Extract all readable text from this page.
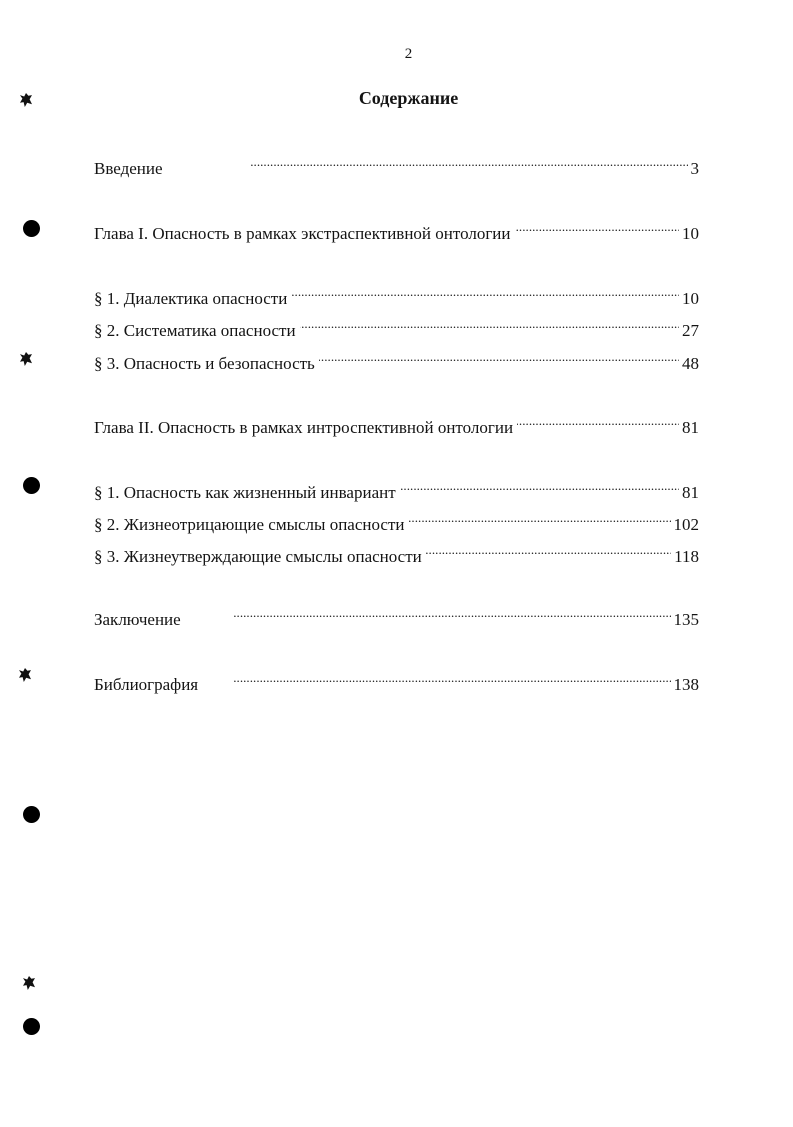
2
Содержание
Введение . . .	3
Глава I. Опасность в рамках экстраспективной онтологии . . .	10
§ 1. Диалектика опасности . . .	10
§ 2. Систематика опасности . . .	27
§ 3. Опасность и безопасность . . .	48
Глава II. Опасность в рамках интроспективной онтологии . . .	81
§ 1. Опасность как жизненный инвариант . . .	81
§ 2. Жизнеотрицающие смыслы опасности . . .	102
§ 3. Жизнеутверждающие смыслы опасности . . .	118
Заключение . . .	135
Библиография . . .	138
